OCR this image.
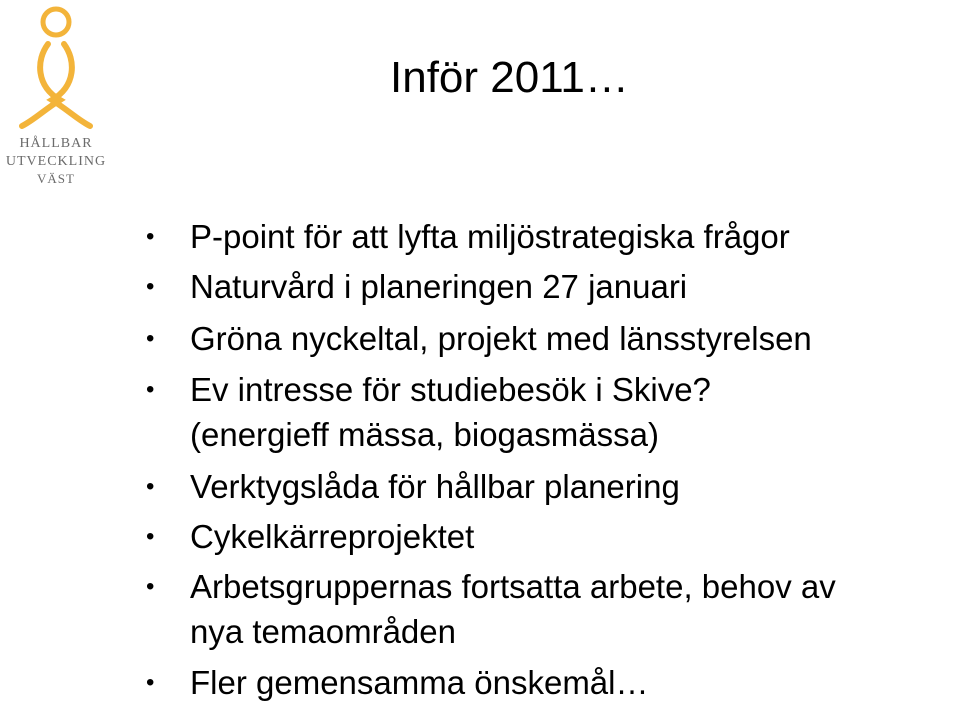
HÅLLBAR
UTVECKLING
VÄST
Inför 2011…
• P-point för att lyfta miljöstrategiska frågor
• Naturvård i planeringen 27 januari
• Gröna nyckeltal, projekt med länsstyrelsen
• Ev intresse för studiebesök i Skive?
(energieff mässa, biogasmässa)
• Verktygslåda för hållbar planering
• Cykelkärreprojektet
• Arbetsgruppernas fortsatta arbete, behov av
nya temaområden
• Fler gemensamma önskemål…
